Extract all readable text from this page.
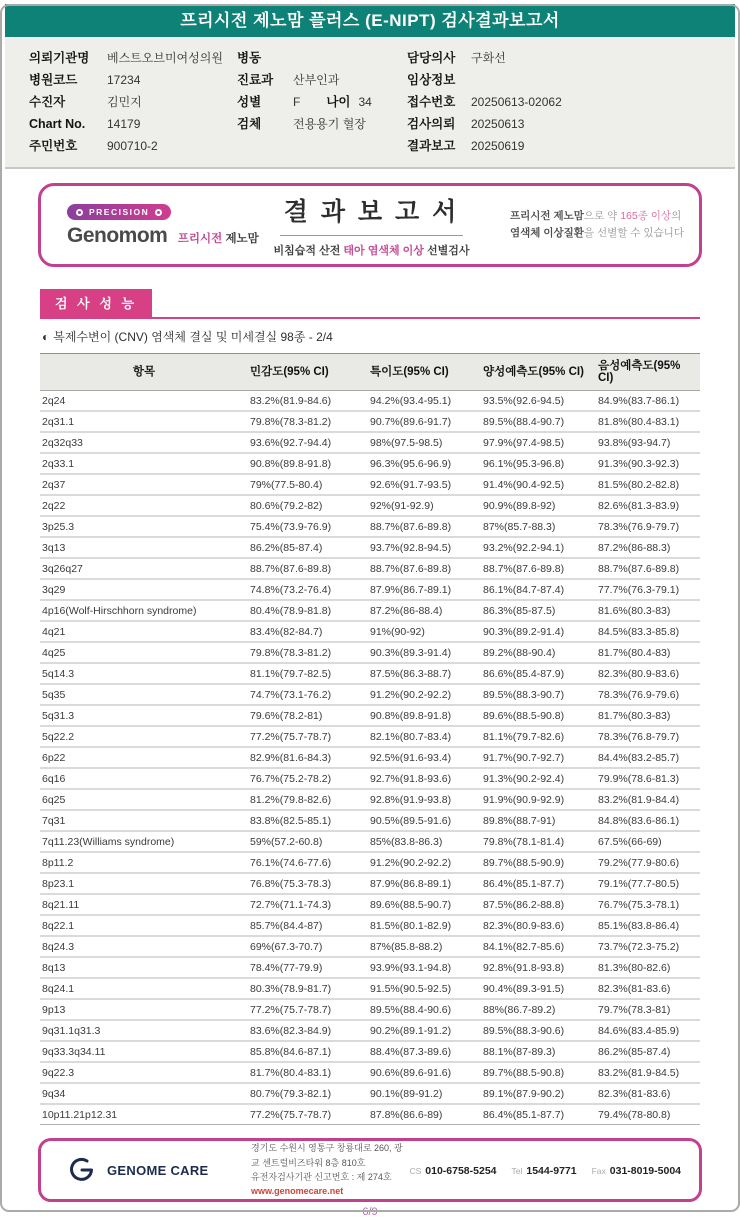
프리시전 제노맘 플러스 (E-NIPT) 검사결과보고서
의뢰기관명 베스트오브미여성의원
병원코드 17234
수진자	김민지
Chart No. 14179
주민번호 900710-2
병동
진료과 산부인과
성별	F 나이 34
검체	전용용기 혈장
담당의사 구화선
임상정보
접수번호 20250613-02062
검사의뢰 20250613
결과보고 20250619
PRECISION
Genomom 프리시전 제노맘
결 과 보 고 서
비침습적 산전 태아 염색체 이상 선별검사
프리시전 제노맘으로 약 165종 이상의
염색체 이상질환을 선별할 수 있습니다
검 사 성 능
◐ 복제수변이 (CNV) 염색체 결실 및 미세결실 98종 - 2/4
항목	민감도(95% CI)	특이도(95% CI)	양성예측도(95% CI)	음성예측도(95% CI)
2q24	83.2%(81.9-84.6)	94.2%(93.4-95.1)	93.5%(92.6-94.5)	84.9%(83.7-86.1)
2q31.1	79.8%(78.3-81.2)	90.7%(89.6-91.7)	89.5%(88.4-90.7)	81.8%(80.4-83.1)
2q32q33	93.6%(92.7-94.4)	98%(97.5-98.5)	97.9%(97.4-98.5)	93.8%(93-94.7)
2q33.1	90.8%(89.8-91.8)	96.3%(95.6-96.9)	96.1%(95.3-96.8)	91.3%(90.3-92.3)
2q37	79%(77.5-80.4)	92.6%(91.7-93.5)	91.4%(90.4-92.5)	81.5%(80.2-82.8)
2q22	80.6%(79.2-82)	92%(91-92.9)	90.9%(89.8-92)	82.6%(81.3-83.9)
3p25.3	75.4%(73.9-76.9)	88.7%(87.6-89.8)	87%(85.7-88.3)	78.3%(76.9-79.7)
3q13	86.2%(85-87.4)	93.7%(92.8-94.5)	93.2%(92.2-94.1)	87.2%(86-88.3)
3q26q27	88.7%(87.6-89.8)	88.7%(87.6-89.8)	88.7%(87.6-89.8)	88.7%(87.6-89.8)
3q29	74.8%(73.2-76.4)	87.9%(86.7-89.1)	86.1%(84.7-87.4)	77.7%(76.3-79.1)
4p16(Wolf-Hirschhorn syndrome)	80.4%(78.9-81.8)	87.2%(86-88.4)	86.3%(85-87.5)	81.6%(80.3-83)
4q21	83.4%(82-84.7)	91%(90-92)	90.3%(89.2-91.4)	84.5%(83.3-85.8)
4q25	79.8%(78.3-81.2)	90.3%(89.3-91.4)	89.2%(88-90.4)	81.7%(80.4-83)
5q14.3	81.1%(79.7-82.5)	87.5%(86.3-88.7)	86.6%(85.4-87.9)	82.3%(80.9-83.6)
5q35	74.7%(73.1-76.2)	91.2%(90.2-92.2)	89.5%(88.3-90.7)	78.3%(76.9-79.6)
5q31.3	79.6%(78.2-81)	90.8%(89.8-91.8)	89.6%(88.5-90.8)	81.7%(80.3-83)
5q22.2	77.2%(75.7-78.7)	82.1%(80.7-83.4)	81.1%(79.7-82.6)	78.3%(76.8-79.7)
6p22	82.9%(81.6-84.3)	92.5%(91.6-93.4)	91.7%(90.7-92.7)	84.4%(83.2-85.7)
6q16	76.7%(75.2-78.2)	92.7%(91.8-93.6)	91.3%(90.2-92.4)	79.9%(78.6-81.3)
6q25	81.2%(79.8-82.6)	92.8%(91.9-93.8)	91.9%(90.9-92.9)	83.2%(81.9-84.4)
7q31	83.8%(82.5-85.1)	90.5%(89.5-91.6)	89.8%(88.7-91)	84.8%(83.6-86.1)
7q11.23(Williams syndrome)	59%(57.2-60.8)	85%(83.8-86.3)	79.8%(78.1-81.4)	67.5%(66-69)
8p11.2	76.1%(74.6-77.6)	91.2%(90.2-92.2)	89.7%(88.5-90.9)	79.2%(77.9-80.6)
8p23.1	76.8%(75.3-78.3)	87.9%(86.8-89.1)	86.4%(85.1-87.7)	79.1%(77.7-80.5)
8q21.11	72.7%(71.1-74.3)	89.6%(88.5-90.7)	87.5%(86.2-88.8)	76.7%(75.3-78.1)
8q22.1	85.7%(84.4-87)	81.5%(80.1-82.9)	82.3%(80.9-83.6)	85.1%(83.8-86.4)
8q24.3	69%(67.3-70.7)	87%(85.8-88.2)	84.1%(82.7-85.6)	73.7%(72.3-75.2)
8q13	78.4%(77-79.9)	93.9%(93.1-94.8)	92.8%(91.8-93.8)	81.3%(80-82.6)
8q24.1	80.3%(78.9-81.7)	91.5%(90.5-92.5)	90.4%(89.3-91.5)	82.3%(81-83.6)
9p13	77.2%(75.7-78.7)	89.5%(88.4-90.6)	88%(86.7-89.2)	79.7%(78.3-81)
9q31.1q31.3	83.6%(82.3-84.9)	90.2%(89.1-91.2)	89.5%(88.3-90.6)	84.6%(83.4-85.9)
9q33.3q34.11	85.8%(84.6-87.1)	88.4%(87.3-89.6)	88.1%(87-89.3)	86.2%(85-87.4)
9q22.3	81.7%(80.4-83.1)	90.6%(89.6-91.6)	89.7%(88.5-90.8)	83.2%(81.9-84.5)
9q34	80.7%(79.3-82.1)	90.1%(89-91.2)	89.1%(87.9-90.2)	82.3%(81-83.6)
10p11.21p12.31	77.2%(75.7-78.7)	87.8%(86.6-89)	86.4%(85.1-87.7)	79.4%(78-80.8)
GENOME CARE
경기도 수원시 영통구 창룡대로 260, 광교 센트럴비즈타워 8층 810호
유전자검사기관 신고번호 : 제 274호
www.genomecare.net
CS 010-6758-5254 Tel 1544-9771 Fax 031-8019-5004
6/9
